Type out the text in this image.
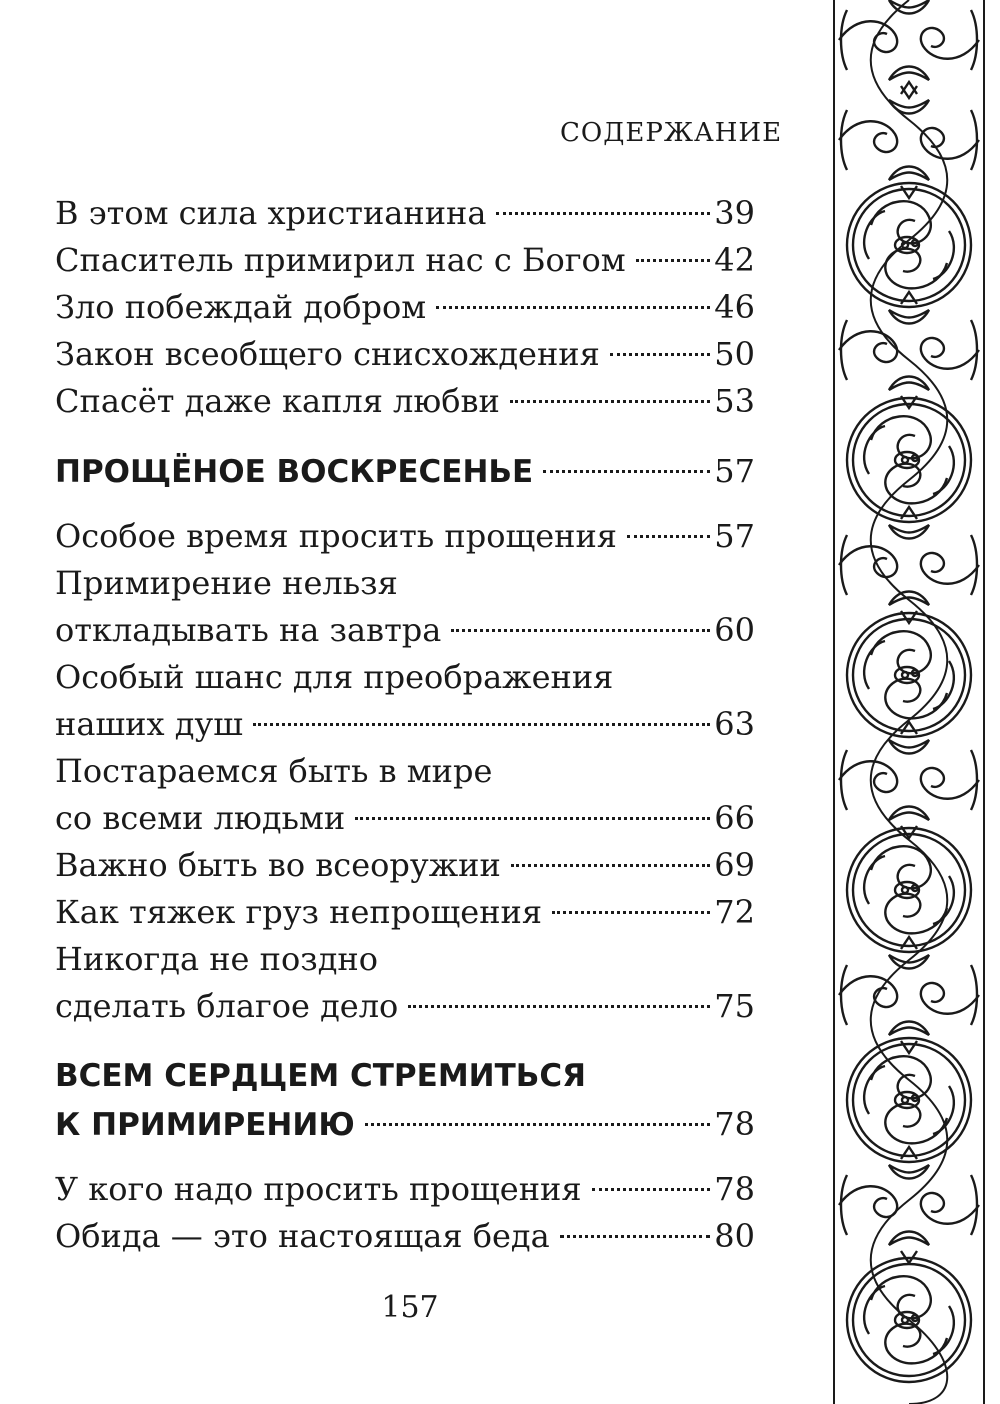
СОДЕРЖАНИЕ
В этом сила христианина	39
Спаситель примирил нас с Богом	42
Зло побеждай добром	46
Закон всеобщего снисхождения	50
Спасёт даже капля любви	53
ПРОЩЁНОЕ ВОСКРЕСЕНЬЕ	57
Особое время просить прощения	57
Примирение нельзя
откладывать на завтра	60
Особый шанс для преображения
наших душ	63
Постараемся быть в мире
со всеми людьми	66
Важно быть во всеоружии	69
Как тяжек груз непрощения	72
Никогда не поздно
сделать благое дело	75
ВСЕМ СЕРДЦЕМ СТРЕМИТЬСЯ
К ПРИМИРЕНИЮ	78
У кого надо просить прощения	78
Обида — это настоящая беда	80
157
